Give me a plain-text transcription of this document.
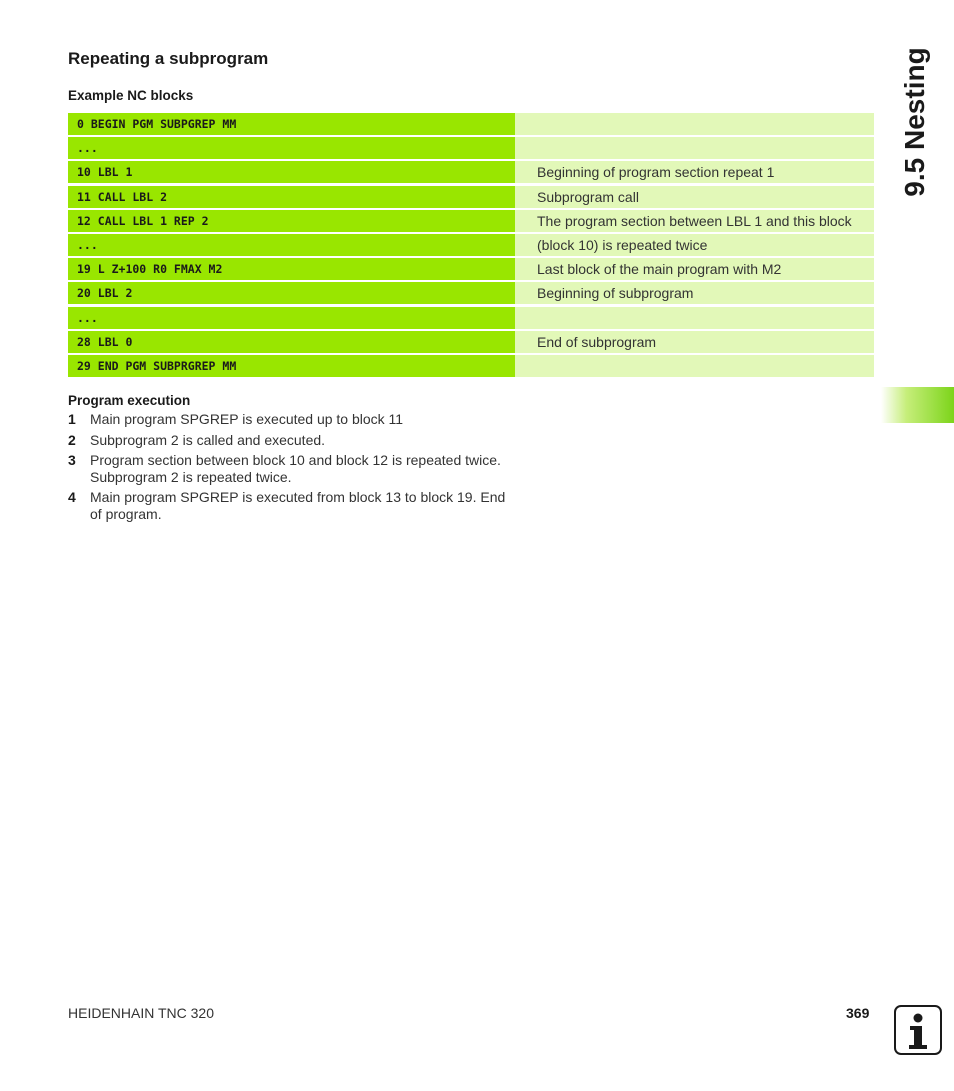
Repeating a subprogram
Example NC blocks
0 BEGIN PGM SUBPGREP MM
...
10 LBL 1	Beginning of program section repeat 1
11 CALL LBL 2	Subprogram call
12 CALL LBL 1 REP 2	The program section between LBL 1 and this block
...	(block 10) is repeated twice
19 L Z+100 R0 FMAX M2	Last block of the main program with M2
20 LBL 2	Beginning of subprogram
...
28 LBL 0	End of subprogram
29 END PGM SUBPRGREP MM
Program execution
1	Main program SPGREP is executed up to block 11
2	Subprogram 2 is called and executed.
3	Program section between block 10 and block 12 is repeated twice.
Subprogram 2 is repeated twice.
4	Main program SPGREP is executed from block 13 to block 19. End
of program.
9.5 Nesting
HEIDENHAIN TNC 320	369
